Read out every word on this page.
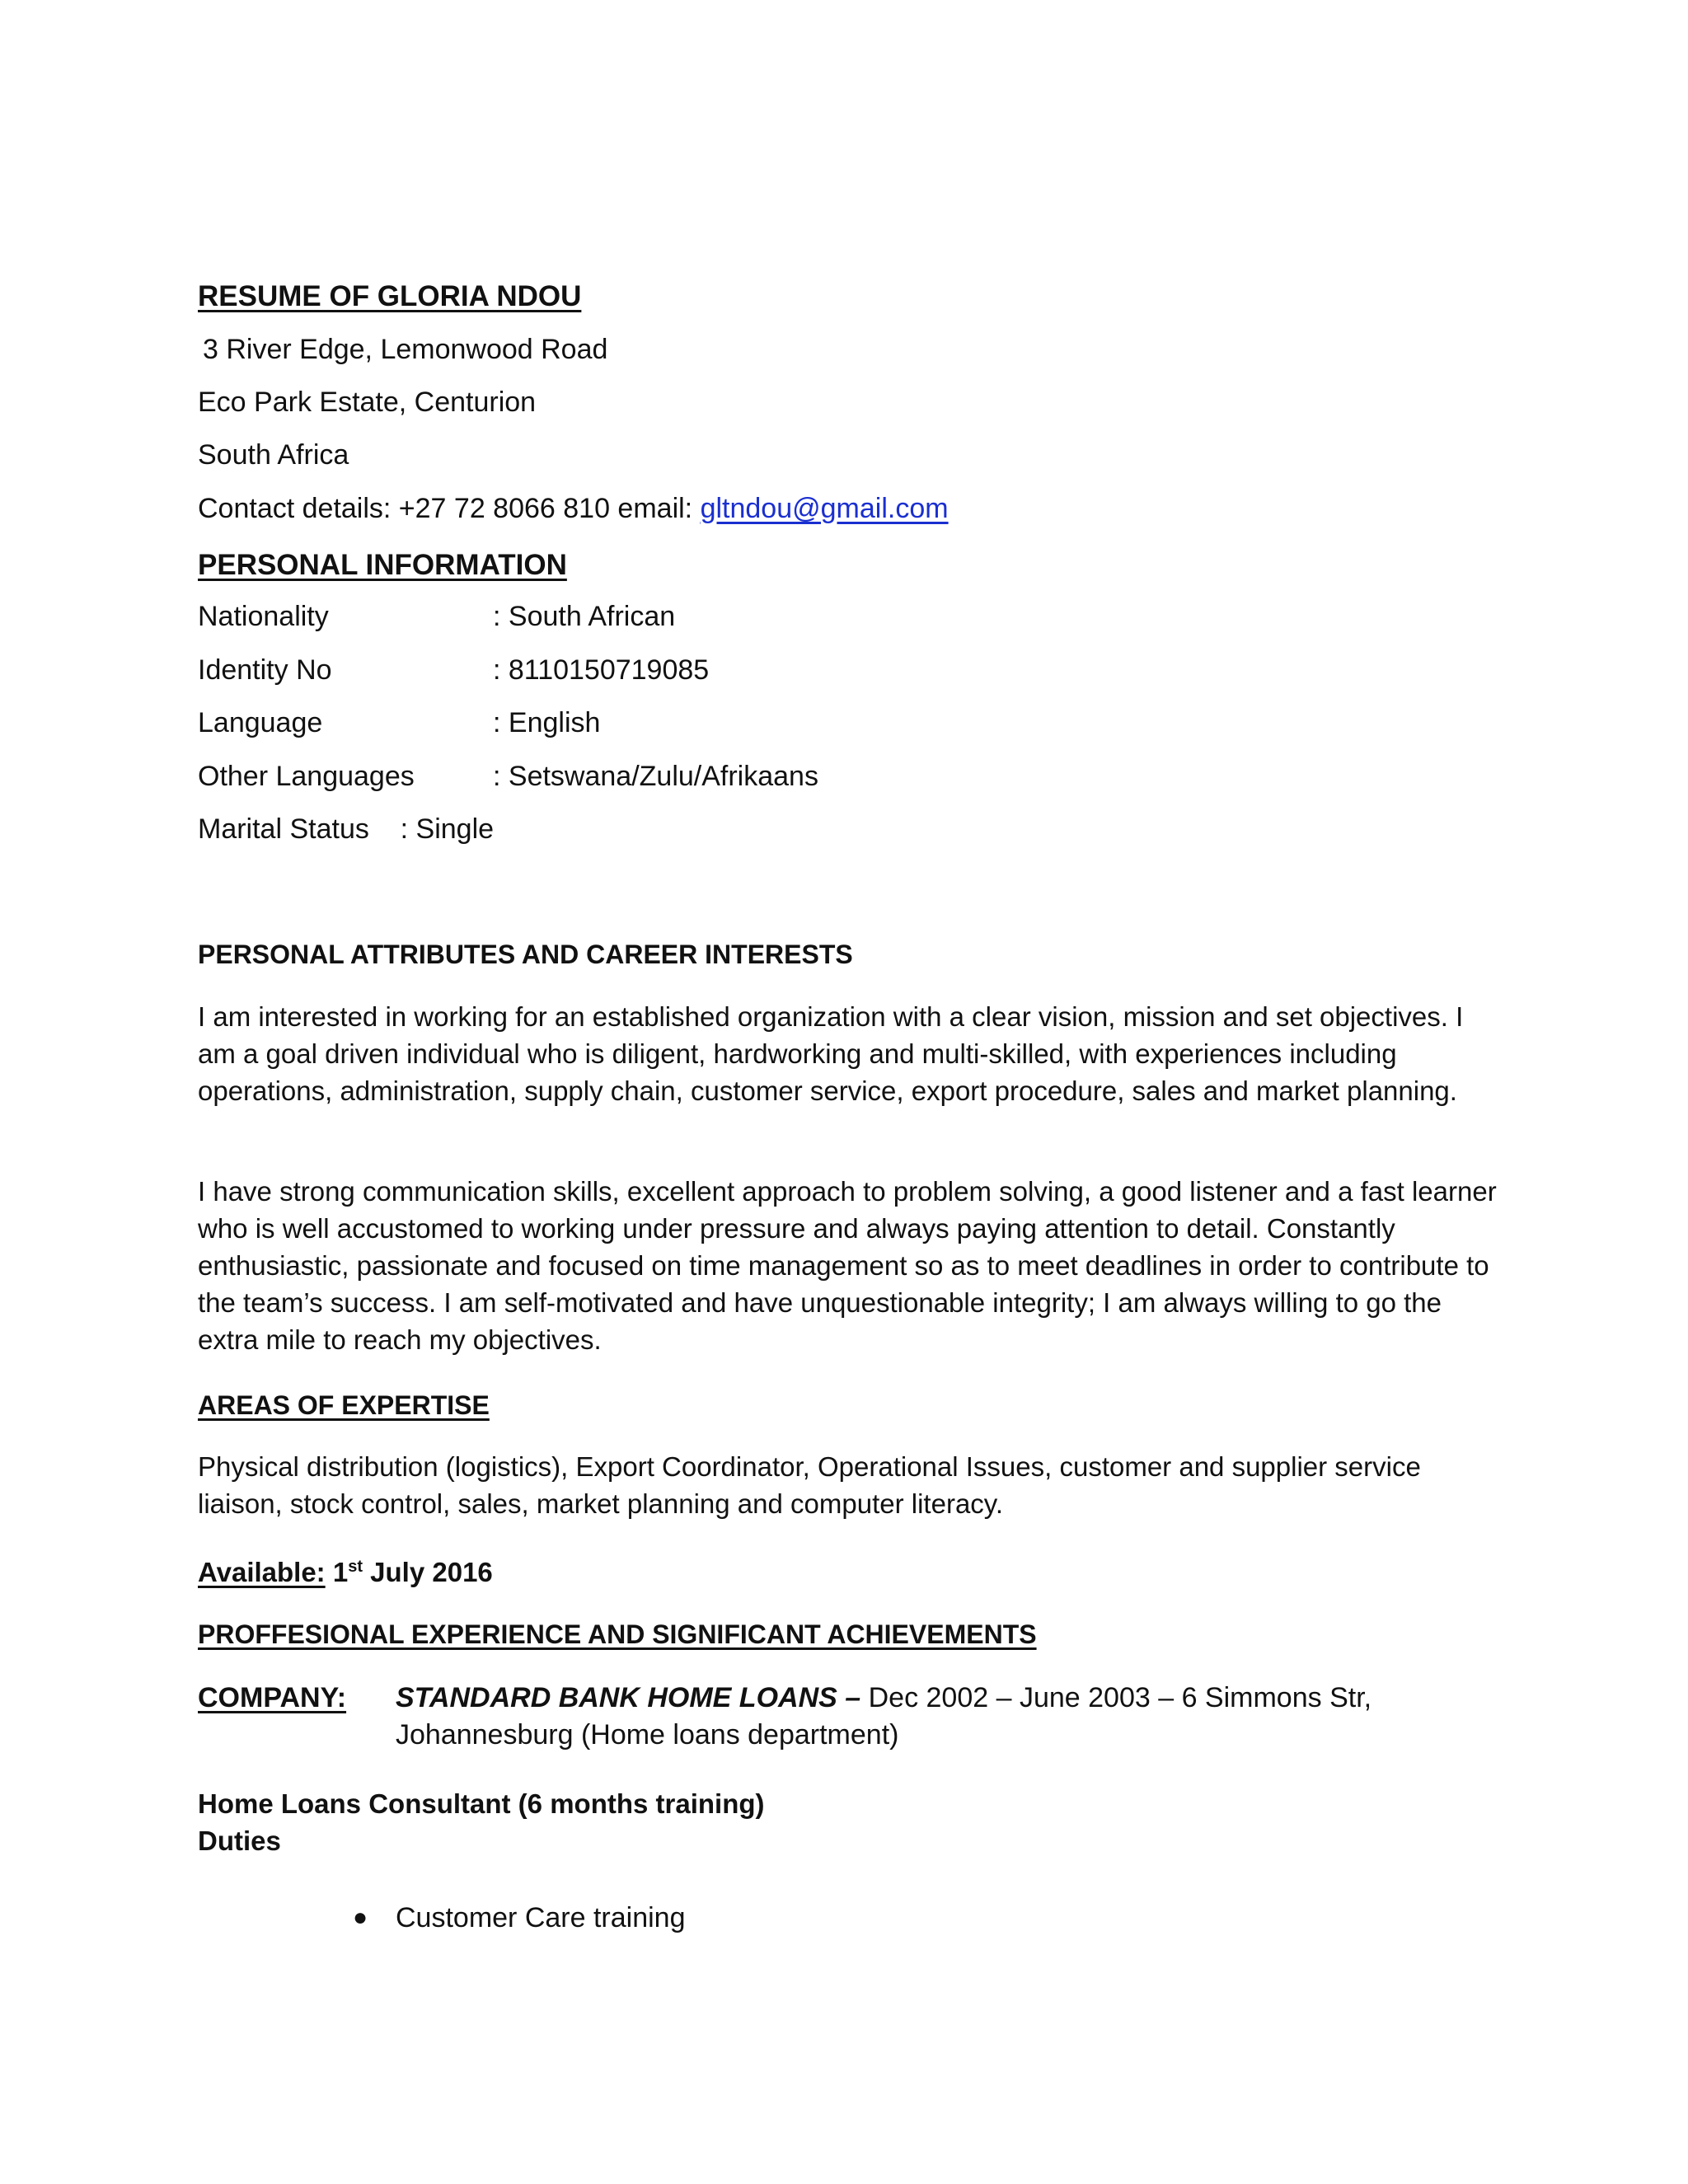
RESUME OF GLORIA NDOU
3 River Edge, Lemonwood Road
Eco Park Estate, Centurion
South Africa
Contact details: +27 72 8066 810 email: gltndou@gmail.com
PERSONAL INFORMATION
Nationality	: South African
Identity No	: 8110150719085
Language	: English
Other Languages	: Setswana/Zulu/Afrikaans
Marital Status    : Single
PERSONAL ATTRIBUTES AND CAREER INTERESTS

I am interested in working for an established organization with a clear vision, mission and set objectives. I am a goal driven individual who is diligent, hardworking and multi-skilled, with experiences including operations, administration, supply chain, customer service, export procedure, sales and market planning.

I have strong communication skills, excellent approach to problem solving, a good listener and a fast learner who is well accustomed to working under pressure and always paying attention to detail. Constantly enthusiastic, passionate and focused on time management so as to meet deadlines in order to contribute to the team’s success. I am self-motivated and have unquestionable integrity; I am always willing to go the extra mile to reach my objectives.

AREAS OF EXPERTISE

Physical distribution (logistics), Export Coordinator, Operational Issues, customer and supplier service liaison, stock control, sales, market planning and computer literacy.

Available: 1st July 2016
PROFFESIONAL EXPERIENCE AND SIGNIFICANT ACHIEVEMENTS
COMPANY: STANDARD BANK HOME LOANS – Dec 2002 – June 2003 – 6 Simmons Str, Johannesburg (Home loans department)
Home Loans Consultant (6 months training)
Duties
● Customer Care training
